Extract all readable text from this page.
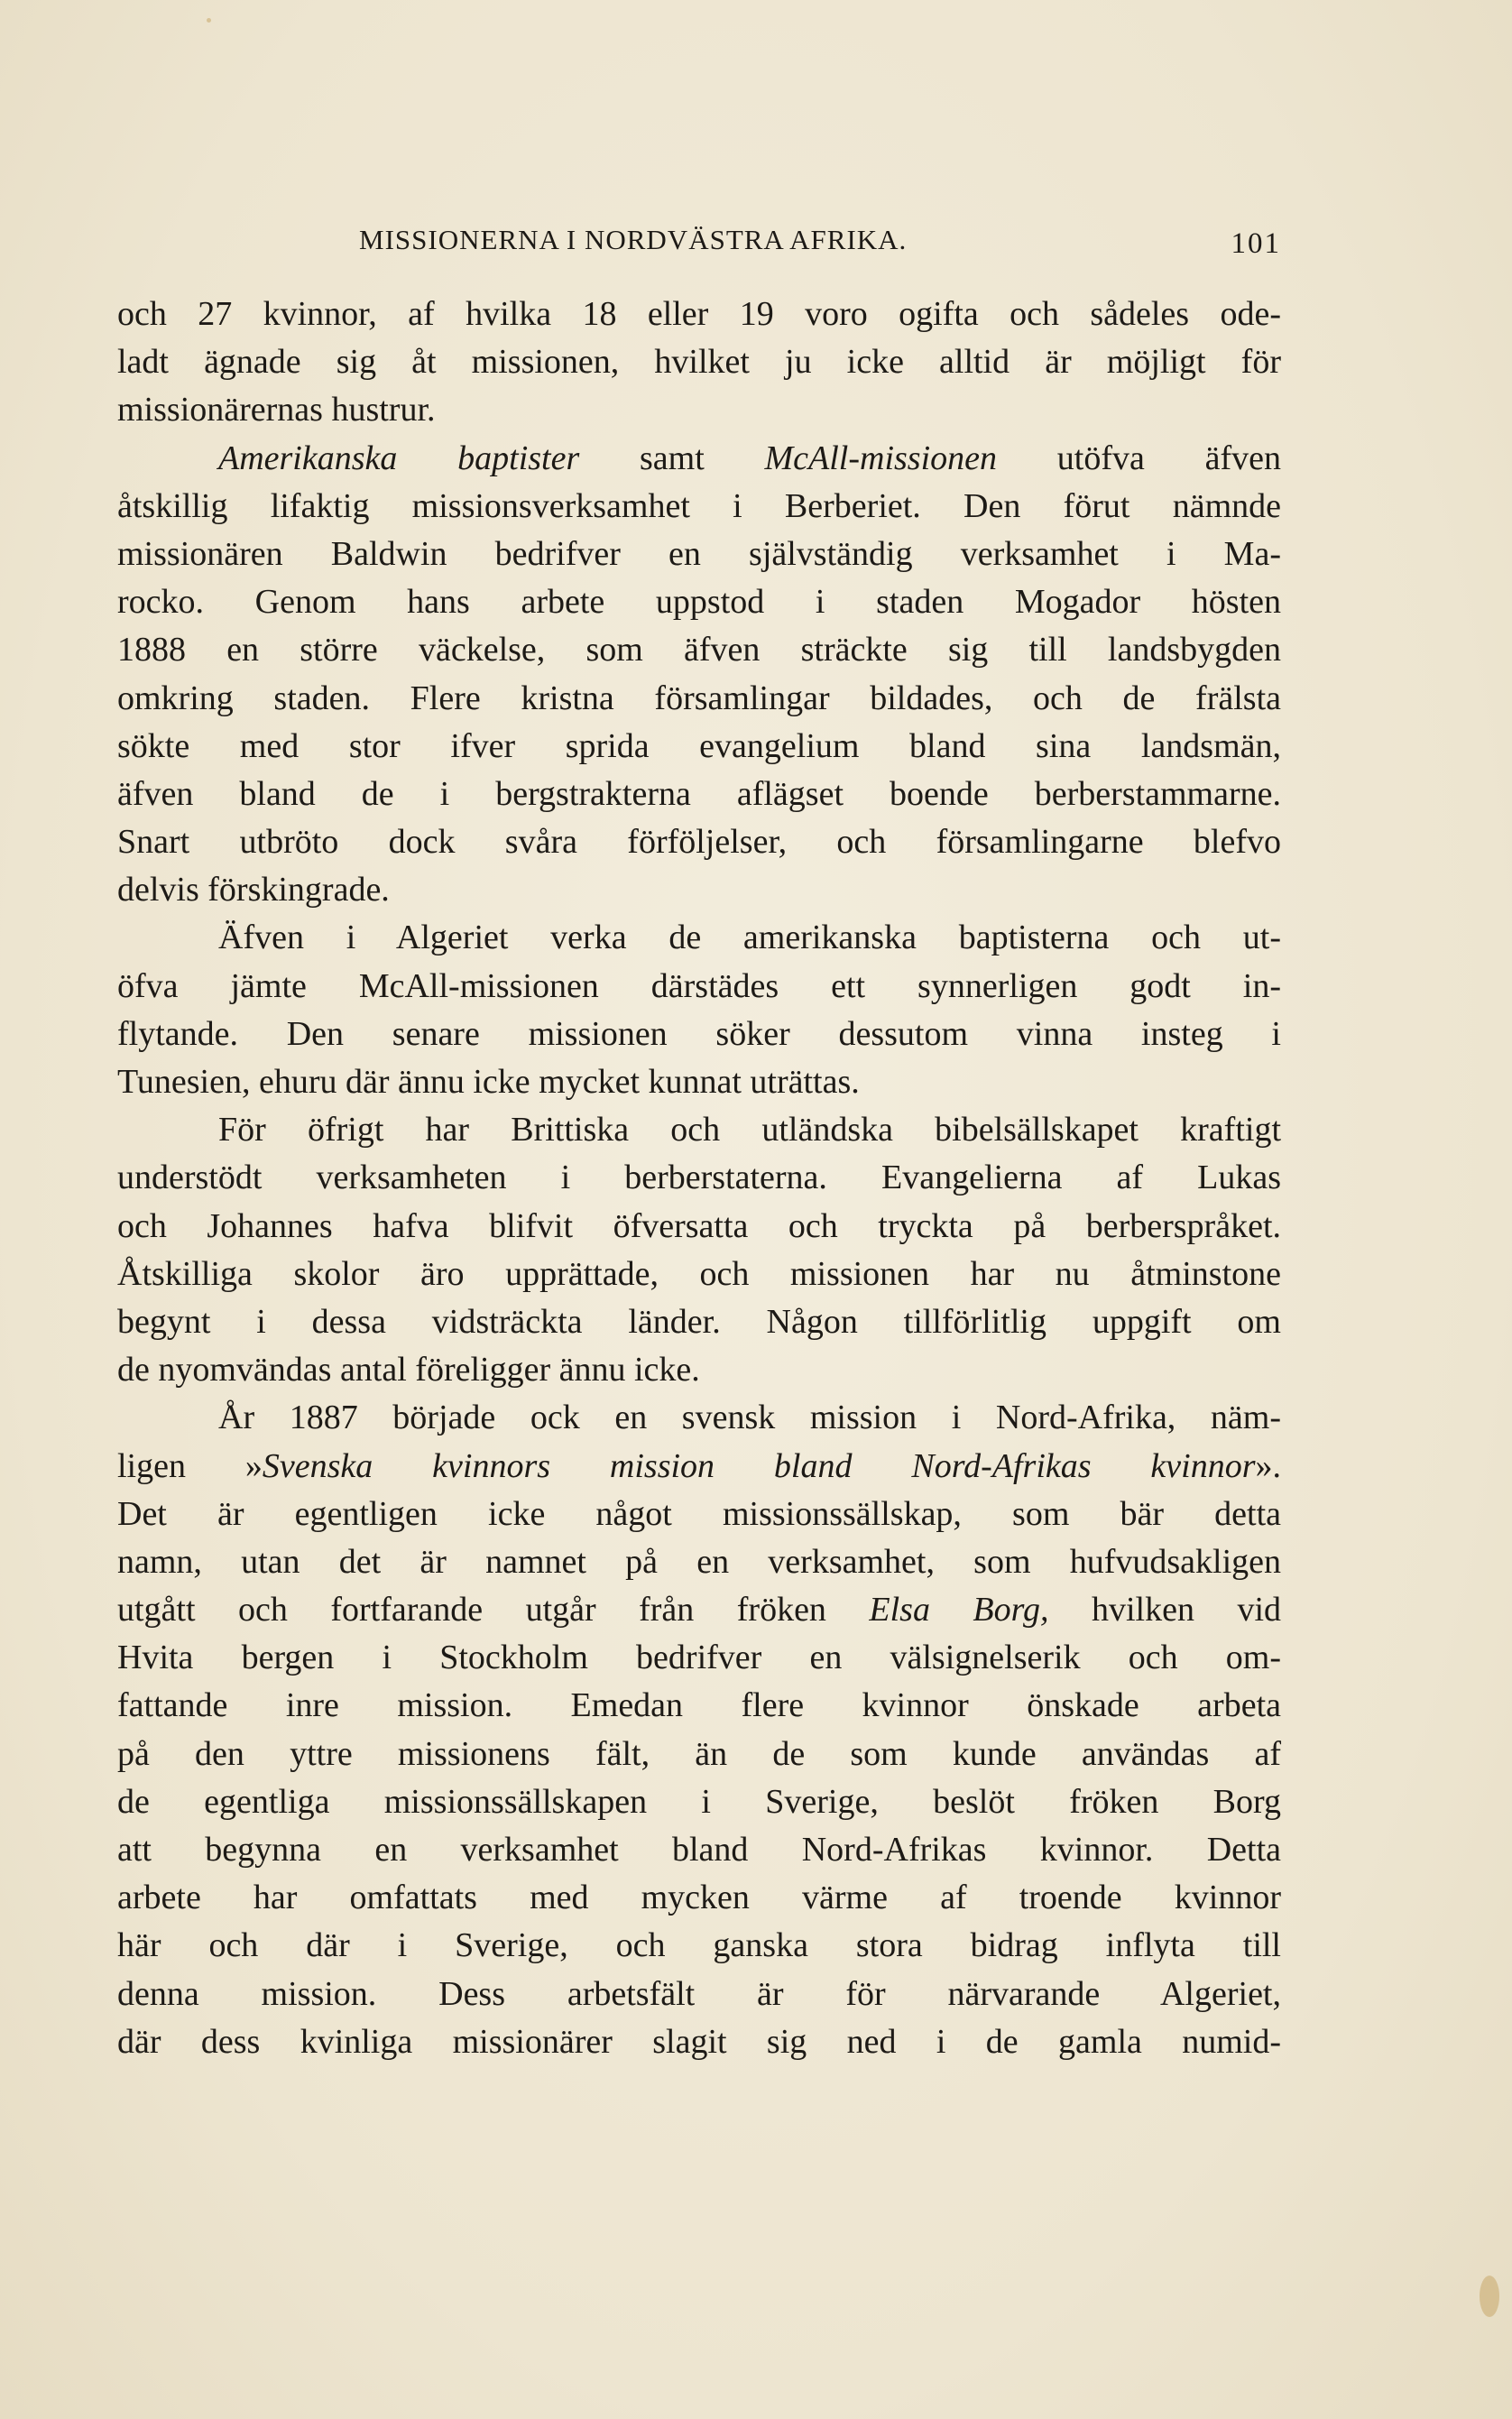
MISSIONERNA I NORDVÄSTRA AFRIKA.	101
och 27 kvinnor, af hvilka 18 eller 19 voro ogifta och sådeles ode-
ladt ägnade sig åt missionen, hvilket ju icke alltid är möjligt för
missionärernas hustrur.
Amerikanska baptister samt McAll-missionen utöfva äfven
åtskillig lifaktig missionsverksamhet i Berberiet. Den förut nämnde
missionären Baldwin bedrifver en självständig verksamhet i Ma-
rocko. Genom hans arbete uppstod i staden Mogador hösten
1888 en större väckelse, som äfven sträckte sig till landsbygden
omkring staden. Flere kristna församlingar bildades, och de frälsta
sökte med stor ifver sprida evangelium bland sina landsmän,
äfven bland de i bergstrakterna aflägset boende berberstammarne.
Snart utbröto dock svåra förföljelser, och församlingarne blefvo
delvis förskingrade.
Äfven i Algeriet verka de amerikanska baptisterna och ut-
öfva jämte McAll-missionen därstädes ett synnerligen godt in-
flytande. Den senare missionen söker dessutom vinna insteg i
Tunesien, ehuru där ännu icke mycket kunnat uträttas.
För öfrigt har Brittiska och utländska bibelsällskapet kraftigt
understödt verksamheten i berberstaterna. Evangelierna af Lukas
och Johannes hafva blifvit öfversatta och tryckta på berberspråket.
Åtskilliga skolor äro upprättade, och missionen har nu åtminstone
begynt i dessa vidsträckta länder. Någon tillförlitlig uppgift om
de nyomvändas antal föreligger ännu icke.
År 1887 började ock en svensk mission i Nord-Afrika, näm-
ligen »Svenska kvinnors mission bland Nord-Afrikas kvinnor».
Det är egentligen icke något missionssällskap, som bär detta
namn, utan det är namnet på en verksamhet, som hufvudsakligen
utgått och fortfarande utgår från fröken Elsa Borg, hvilken vid
Hvita bergen i Stockholm bedrifver en välsignelserik och om-
fattande inre mission. Emedan flere kvinnor önskade arbeta
på den yttre missionens fält, än de som kunde användas af
de egentliga missionssällskapen i Sverige, beslöt fröken Borg
att begynna en verksamhet bland Nord-Afrikas kvinnor. Detta
arbete har omfattats med mycken värme af troende kvinnor
här och där i Sverige, och ganska stora bidrag inflyta till
denna mission. Dess arbetsfält är för närvarande Algeriet,
där dess kvinliga missionärer slagit sig ned i de gamla numid-
